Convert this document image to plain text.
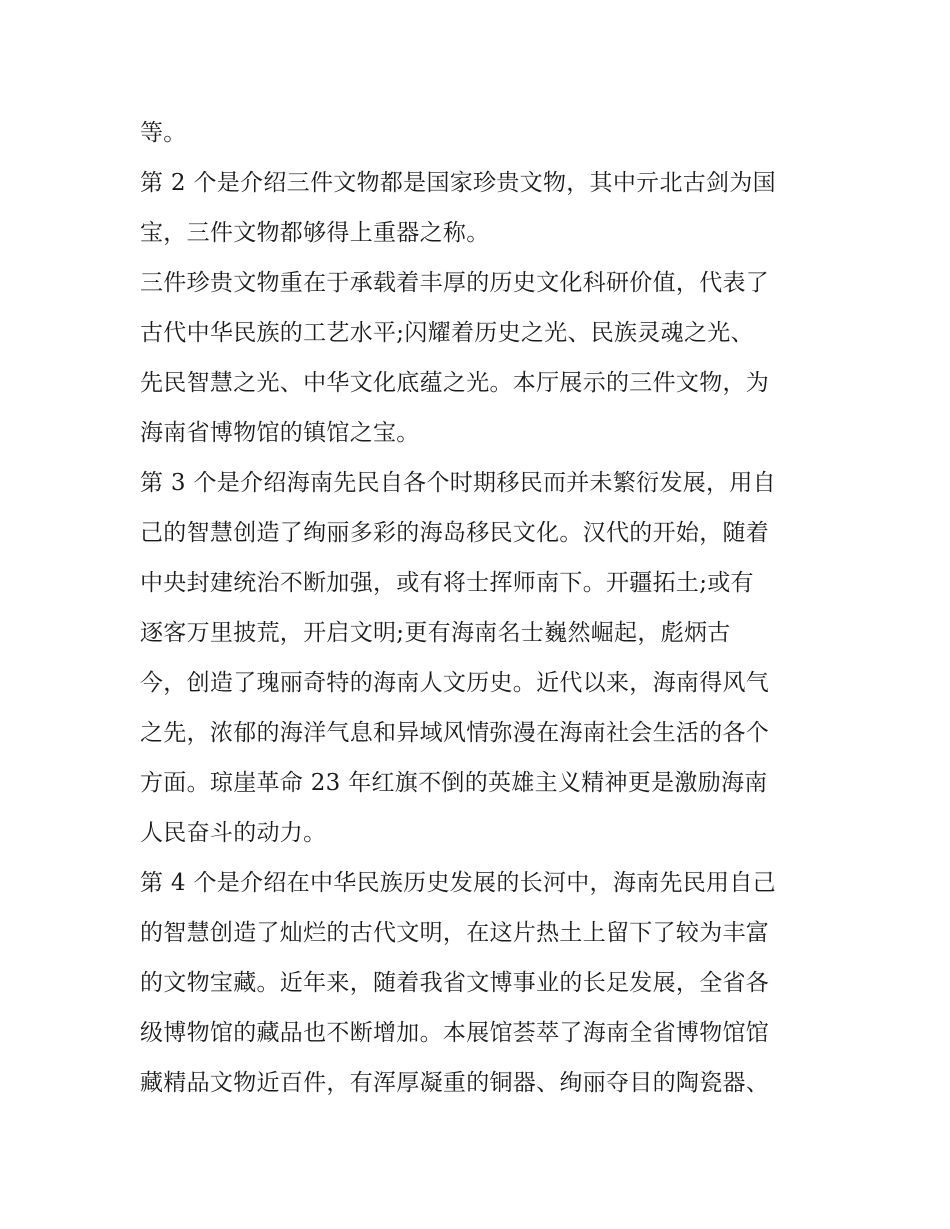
等。
第 2 个是介绍三件文物都是国家珍贵文物，其中亓北古剑为国
宝，三件文物都够得上重器之称。
三件珍贵文物重在于承载着丰厚的历史文化科研价值，代表了
古代中华民族的工艺水平;闪耀着历史之光、民族灵魂之光、
先民智慧之光、中华文化底蕴之光。本厅展示的三件文物，为
海南省博物馆的镇馆之宝。
第 3 个是介绍海南先民自各个时期移民而并未繁衍发展，用自
己的智慧创造了绚丽多彩的海岛移民文化。汉代的开始，随着
中央封建统治不断加强，或有将士挥师南下。开疆拓土;或有
逐客万里披荒，开启文明;更有海南名士巍然崛起，彪炳古
今，创造了瑰丽奇特的海南人文历史。近代以来，海南得风气
之先，浓郁的海洋气息和异域风情弥漫在海南社会生活的各个
方面。琼崖革命 23 年红旗不倒的英雄主义精神更是激励海南
人民奋斗的动力。
第 4 个是介绍在中华民族历史发展的长河中，海南先民用自己
的智慧创造了灿烂的古代文明，在这片热土上留下了较为丰富
的文物宝藏。近年来，随着我省文博事业的长足发展，全省各
级博物馆的藏品也不断增加。本展馆荟萃了海南全省博物馆馆
藏精品文物近百件，有浑厚凝重的铜器、绚丽夺目的陶瓷器、
